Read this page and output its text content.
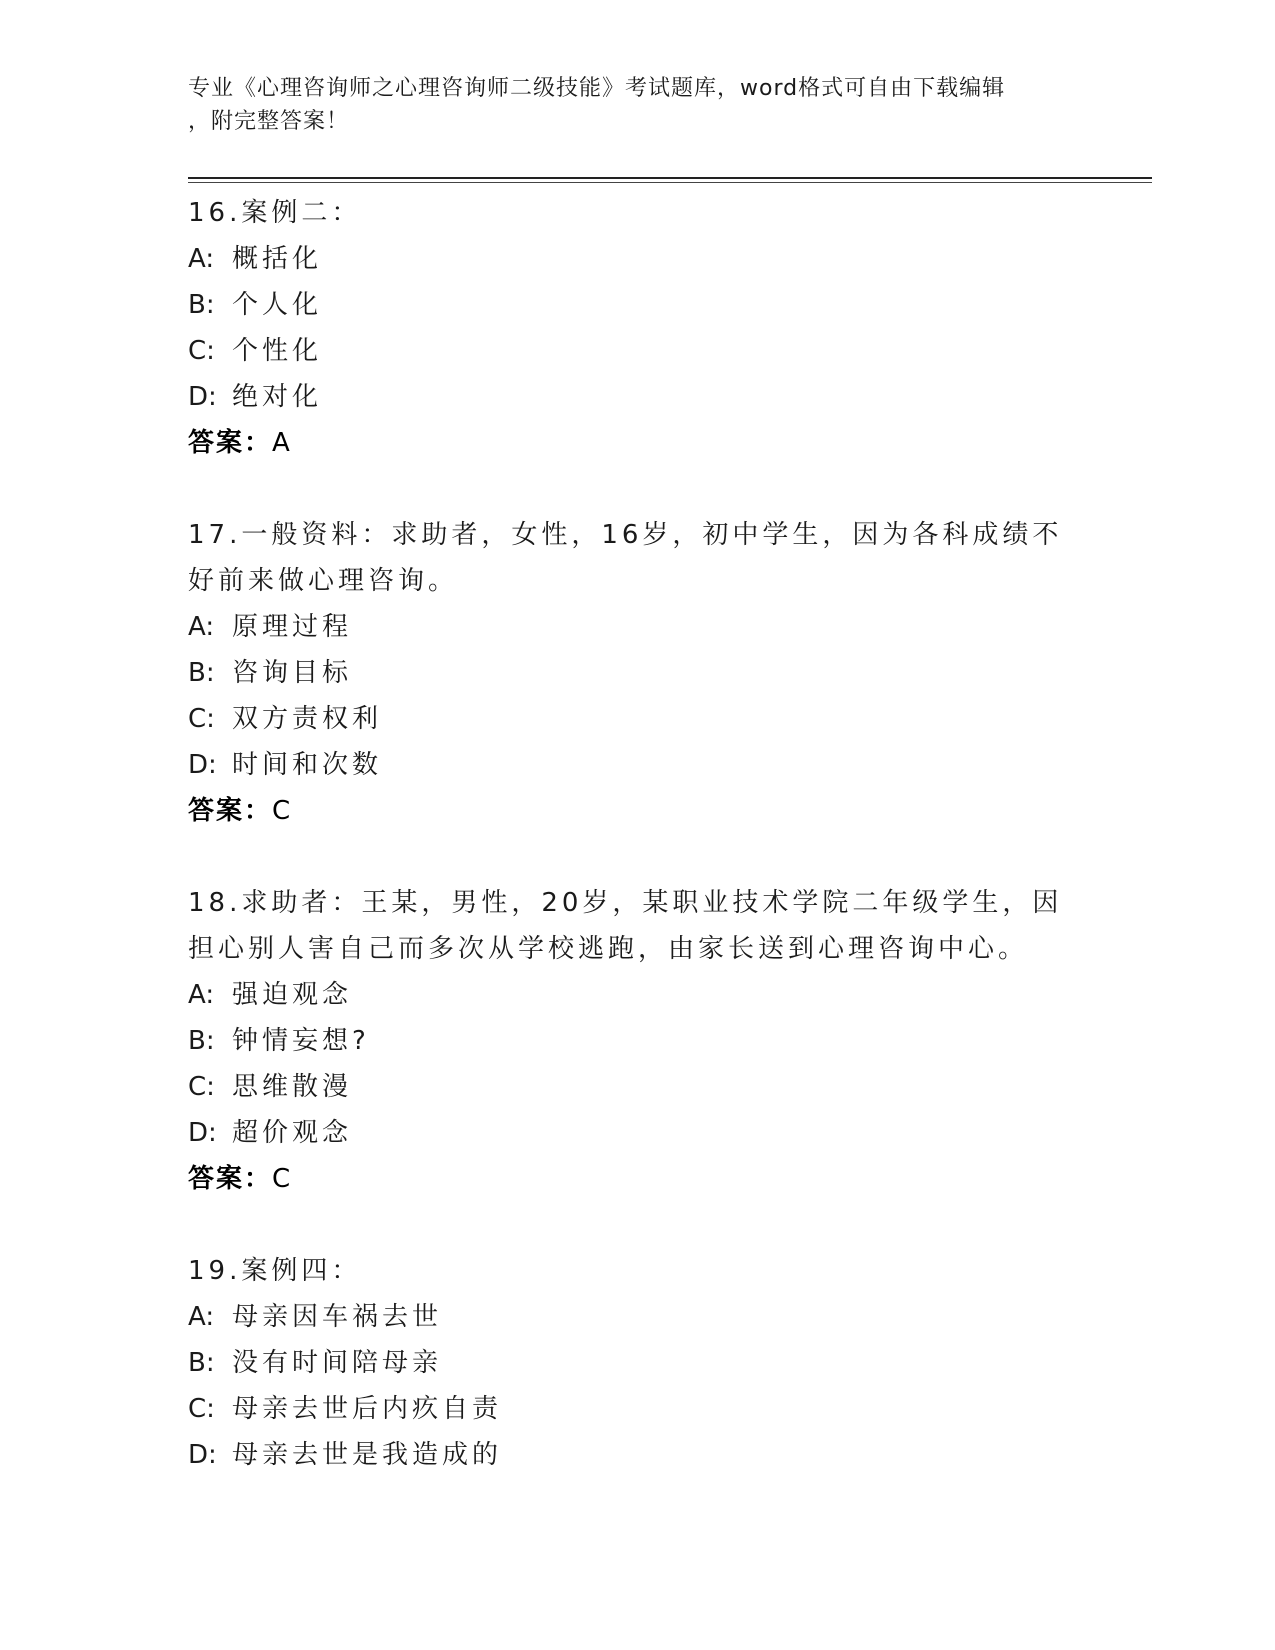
专业《心理咨询师之心理咨询师二级技能》考试题库，word格式可自由下载编辑
，附完整答案！
16.案例二：
A: 概括化
B: 个人化
C: 个性化
D: 绝对化
答案：A
17.一般资料：求助者，女性，16岁，初中学生，因为各科成绩不好前来做心理咨询。
A: 原理过程
B: 咨询目标
C: 双方责权利
D: 时间和次数
答案：C
18.求助者：王某，男性，20岁，某职业技术学院二年级学生，因担心别人害自己而多次从学校逃跑，由家长送到心理咨询中心。
A: 强迫观念
B: 钟情妄想?
C: 思维散漫
D: 超价观念
答案：C
19.案例四：
A: 母亲因车祸去世
B: 没有时间陪母亲
C: 母亲去世后内疚自责
D: 母亲去世是我造成的
